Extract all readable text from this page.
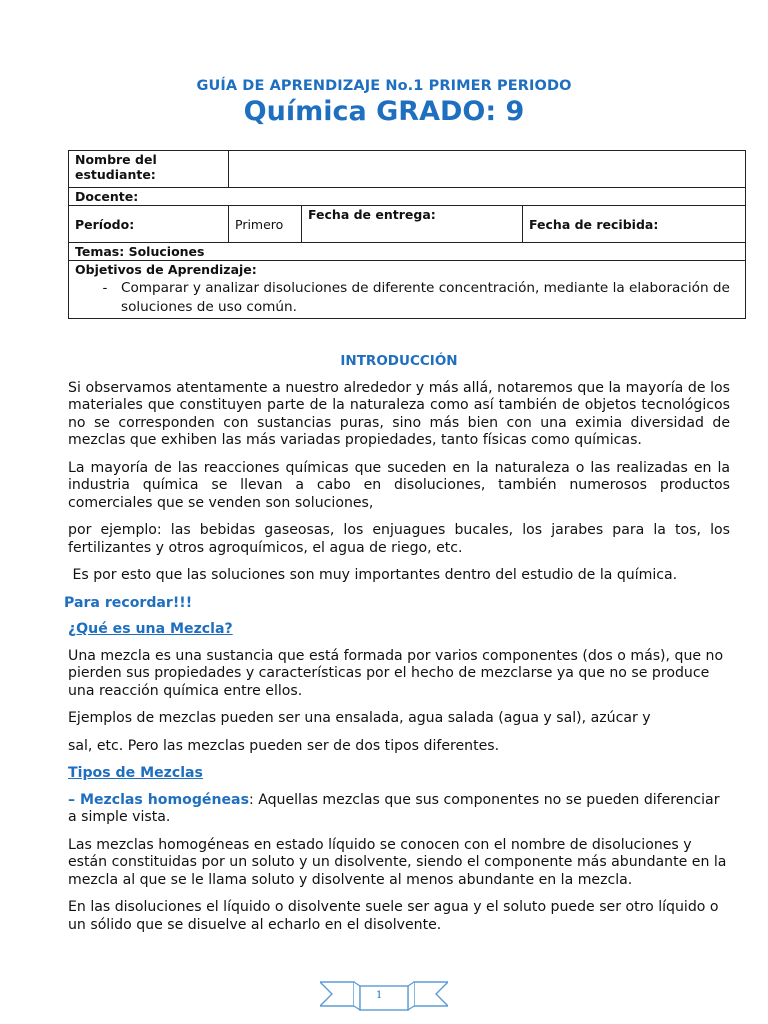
GUÍA DE APRENDIZAJE No.1 PRIMER PERIODO
Química GRADO: 9
Nombre del estudiante:			
Docente:			
Período:	Primero	Fecha de entrega:	Fecha de recibida:
Temas: Soluciones			

Objetivos de Aprendizaje:
- Comparar y analizar disoluciones de diferente concentración, mediante la elaboración de soluciones de uso común.			
INTRODUCCIÓN

Si observamos atentamente a nuestro alrededor y más allá, notaremos que la mayoría de los materiales que constituyen parte de la naturaleza como así también de objetos tecnológicos no se corresponden con sustancias puras, sino más bien con una eximia diversidad de mezclas que exhiben las más variadas propiedades, tanto físicas como químicas.

La mayoría de las reacciones químicas que suceden en la naturaleza o las realizadas en la industria química se llevan a cabo en disoluciones, también numerosos productos comerciales que se venden son soluciones,

por ejemplo: las bebidas gaseosas, los enjuagues bucales, los jarabes para la tos, los fertilizantes y otros agroquímicos, el agua de riego, etc.

Es por esto que las soluciones son muy importantes dentro del estudio de la química.

Para recordar!!!
¿Qué es una Mezcla?

Una mezcla es una sustancia que está formada por varios componentes (dos o más), que no pierden sus propiedades y características por el hecho de mezclarse ya que no se produce una reacción química entre ellos.

Ejemplos de mezclas pueden ser una ensalada, agua salada (agua y sal), azúcar y

sal, etc. Pero las mezclas pueden ser de dos tipos diferentes.

Tipos de Mezclas

– Mezclas homogéneas: Aquellas mezclas que sus componentes no se pueden diferenciar a simple vista.

Las mezclas homogéneas en estado líquido se conocen con el nombre de disoluciones y están constituidas por un soluto y un disolvente, siendo el componente más abundante en la mezcla al que se le llama soluto y disolvente al menos abundante en la mezcla.

En las disoluciones el líquido o disolvente suele ser agua y el soluto puede ser otro líquido o un sólido que se disuelve al echarlo en el disolvente.

1
